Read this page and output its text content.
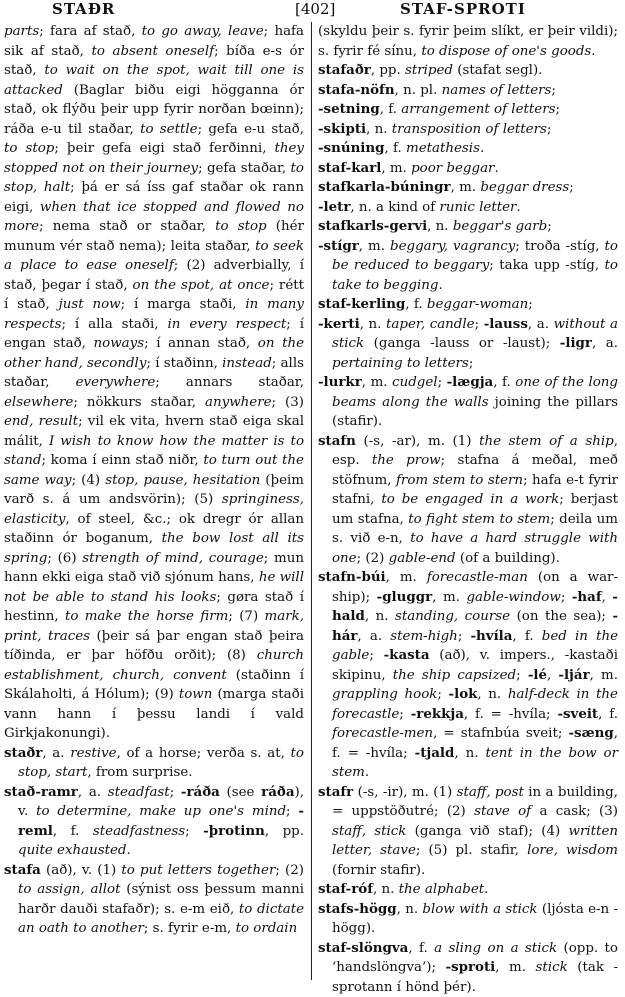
STAÐR	[402]	STAF-SPROTI
parts; fara af stað, to go away, leave; hafa sik af stað, to absent oneself; bíða e-s ór stað, to wait on the spot, wait till one is attacked (Baglar biðu eigi högganna ór stað, ok flýðu þeir upp fyrir norðan bœinn); ráða e-u til staðar, to settle; gefa e-u stað, to stop; þeir gefa eigi stað ferðinni, they stopped not on their journey; gefa staðar, to stop, halt; þá er sá íss gaf staðar ok rann eigi, when that ice stopped and flowed no more; nema stað or staðar, to stop (hér munum vér stað nema); leita staðar, to seek a place to ease oneself; (2) adverbially, í stað, þegar í stað, on the spot, at once; rétt í stað, just now; í marga staði, in many respects; í alla staði, in every respect; í engan stað, noways; í annan stað, on the other hand, secondly; í staðinn, instead; alls staðar, everywhere; annars staðar, elsewhere; nökkurs staðar, anywhere; (3) end, result; vil ek vita, hvern stað eiga skal málit, I wish to know how the matter is to stand; koma í einn stað niðr, to turn out the same way; (4) stop, pause, hesitation (þeim varð s. á um andsvörin); (5) springiness, elasticity, of steel, &c.; ok dregr ór allan staðinn ór boganum, the bow lost all its spring; (6) strength of mind, courage; mun hann ekki eiga stað við sjónum hans, he will not be able to stand his looks; gøra stað í hestinn, to make the horse firm; (7) mark, print, traces (þeir sá þar engan stað þeira tíðinda, er þar höfðu orðit); (8) church establishment, church, convent (staðinn í Skálaholti, á Hólum); (9) town (marga staði vann hann í þessu landi í vald Girkjakonungi).
staðr, a. restive, of a horse; verða s. at, to stop, start, from surprise.
stað-ramr, a. steadfast; -ráða (see ráða), v. to determine, make up one's mind; -reml, f. steadfastness; -þrotinn, pp. quite exhausted.
stafa (að), v. (1) to put letters together; (2) to assign, allot (sýnist oss þessum manni harðr dauði stafaðr); s. e-m eið, to dictate an oath to another; s. fyrir e-m, to ordain
(skyldu þeir s. fyrir þeim slíkt, er þeir vildi); s. fyrir fé sínu, to dispose of one's goods.
stafaðr, pp. striped (stafat segl).
stafa-nöfn, n. pl. names of letters;
-setning, f. arrangement of letters;
-skipti, n. transposition of letters;
-snúning, f. metathesis.
staf-karl, m. poor beggar.
stafkarla-búningr, m. beggar dress;
-letr, n. a kind of runic letter.
stafkarls-gervi, n. beggar's garb;
-stígr, m. beggary, vagrancy; troða -stíg, to be reduced to beggary; taka upp -stíg, to take to begging.
staf-kerling, f. beggar-woman;
-kerti, n. taper, candle; -lauss, a. without a stick (ganga -lauss or -laust); -ligr, a. pertaining to letters;
-lurkr, m. cudgel; -lægja, f. one of the long beams along the walls joining the pillars (stafir).
stafn (-s, -ar), m. (1) the stem of a ship, esp. the prow; stafna á meðal, með stöfnum, from stem to stern; hafa e-t fyrir stafni, to be engaged in a work; berjast um stafna, to fight stem to stem; deila um s. við e-n, to have a hard struggle with one; (2) gable-end (of a building).
stafn-búi, m. forecastle-man (on a war-ship); -gluggr, m. gable-window; -haf, -hald, n. standing, course (on the sea); -hár, a. stem-high; -hvíla, f. bed in the gable; -kasta (að), v. impers., -kastaði skipinu, the ship capsized; -lé, -ljár, m. grappling hook; -lok, n. half-deck in the forecastle; -rekkja, f. = -hvíla; -sveit, f. forecastle-men, = stafnbúa sveit; -sæng, f. = -hvíla; -tjald, n. tent in the bow or stem.
stafr (-s, -ir), m. (1) staff, post in a building, = uppstöðutré; (2) stave of a cask; (3) staff, stick (ganga við staf); (4) written letter, stave; (5) pl. stafir, lore, wisdom (fornir stafir).
staf-róf, n. the alphabet.
stafs-högg, n. blow with a stick (ljósta e-n -högg).
staf-slöngva, f. a sling on a stick (opp. to ‘handslöngva’); -sproti, m. stick (tak -sprotann í hönd þér).
